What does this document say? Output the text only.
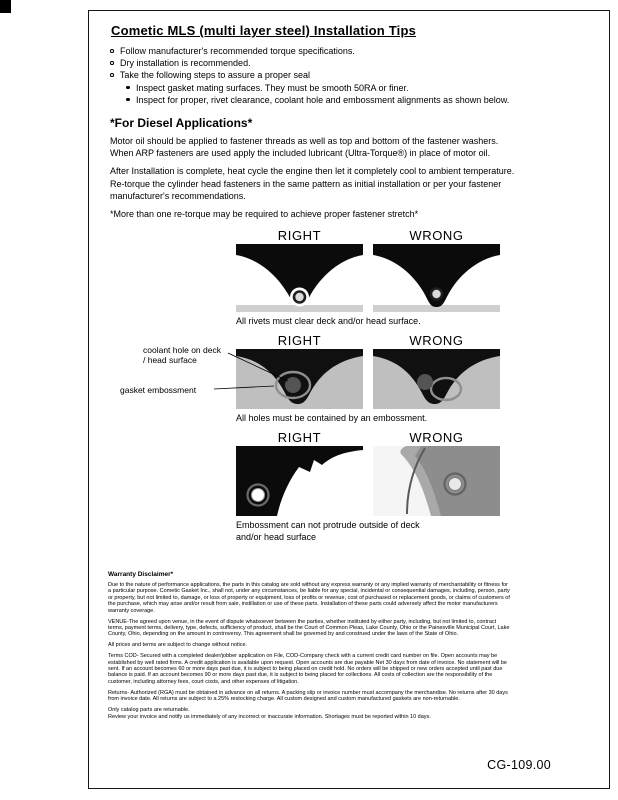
Cometic MLS (multi layer steel) Installation Tips
Follow manufacturer's recommended torque specifications.
Dry installation is recommended.
Take the following steps to assure a proper seal
Inspect gasket mating surfaces. They must be smooth 50RA or finer.
Inspect for proper, rivet clearance, coolant hole and embossment alignments as shown below.
*For Diesel Applications*

Motor oil should be applied to fastener threads as well as top and bottom of the fastener washers. When ARP fasteners are used apply the included lubricant (Ultra-Torque®) in place of motor oil.

After Installation is complete, heat cycle the engine then let it completely cool to ambient temperature. Re-torque the cylinder head fasteners in the same pattern as initial installation or per your fastener manufacturer's recommendations.

*More than one re-torque may be required to achieve proper fastener stretch*

RIGHT	WRONG

All rivets must clear deck and/or head surface.

coolant hole on deck / head surface
gasket embossment
RIGHT	WRONG

All holes must be contained by an embossment.

RIGHT	WRONG

Embossment can not protrude outside of deck and/or head surface

Warranty Disclaimer*

Due to the nature of performance applications, the parts in this catalog are sold without any express warranty or any implied warranty of merchantability or fitness for a particular purpose. Cometic Gasket Inc., shall not, under any circumstances, be liable for any special, incidental or consequential damages, including, person, party or property, but not limited to, damage, or loss of property or equipment, loss of profits or revenue, cost of purchased or replacement goods, or claims of customers of the purchase, which may arise and/or result from sale, instillation or use of these parts. Installation of these parts could adversely affect the motor manufacturers warranty coverage.

VENUE-The agreed upon venue, in the event of dispute whatsoever between the parties, whether instituted by either party, including, but not limited to, contract terms, payment terms, delivery, type, defects, sufficiency of product, shall be the Court of Common Pleas, Lake County, Ohio or the Painesville Municipal Court, Lake County, Ohio, depending on the amount in controversy. This agreement shall be governed by and construed under the laws of the State of Ohio.

All prices and terms are subject to change without notice.

Terms COD- Secured with a completed dealer/jobber application on File, COD-Company check with a current credit card number on file. Open accounts may be established by well rated firms. A credit application is available upon request. Open accounts are due payable Net 30 days from date of invoice. No statement will be sent. If an account becomes 60 or more days past due, it is subject to being placed on credit hold. No orders will be shipped or new orders accepted until past due balance is paid. If an account becomes 90 or more days past due, it is subject to being placed for collections. All costs of collection are the responsibility of the customer, including attorney fees, court costs, and other expenses of litigation.

Returns- Authorized (RGA) must be obtained in advance on all returns. A packing slip or invoice number must accompany the merchandise. No returns after 30 days from invoice date. All returns are subject to a 25% restocking charge. All custom designed and custom manufactured gaskets are non-returnable.

Only catalog parts are returnable.

Review your invoice and notify us immediately of any incorrect or inaccurate information. Shortages must be reported within 10 days.

CG-109.00
